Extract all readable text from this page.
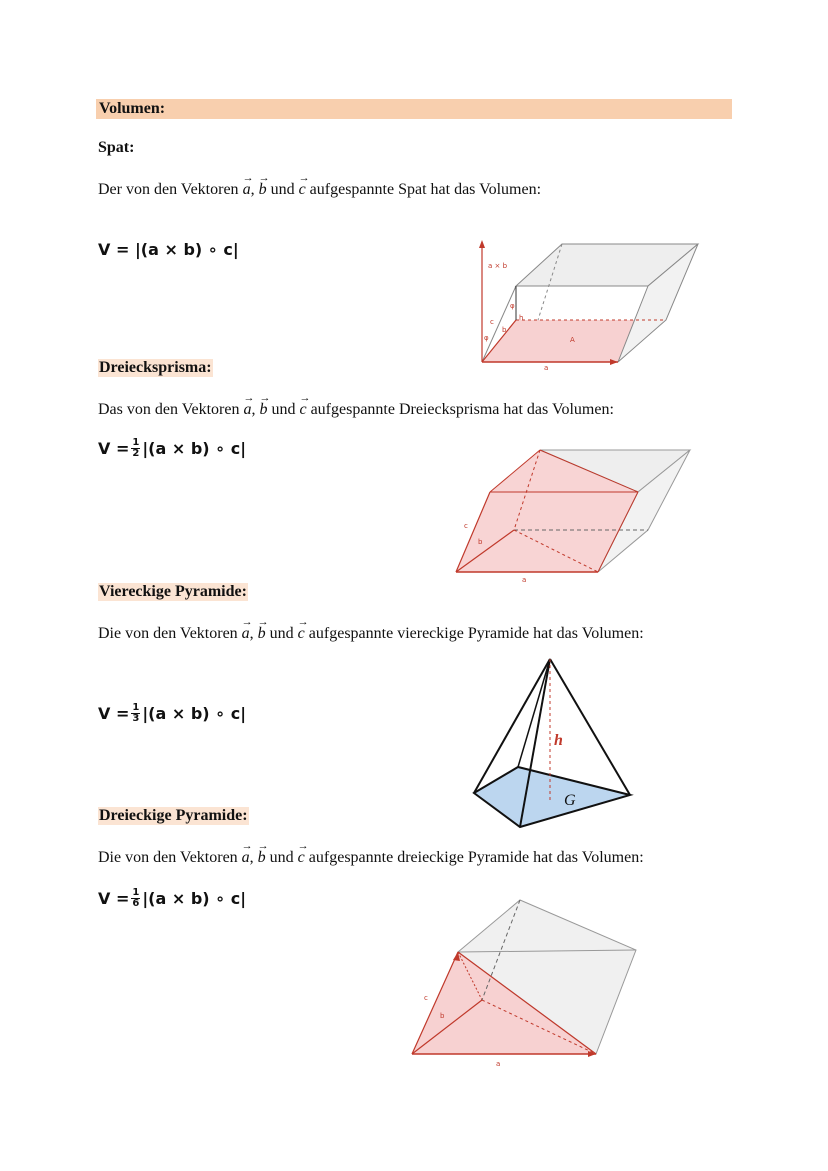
Volumen:
Spat:
Der von den Vektoren → a, → b und → c aufgespannte Spat hat das Volumen:
V =
|(a × b) ∘ c|
a × b
a
b
c	h
A
φ
φ
Dreiecksprisma:
Das von den Vektoren → a, → b und → c aufgespannte Dreiecksprisma hat das Volumen:
$V = \frac{1}{2} |(a \times b)$ ∘ c|
a
b
c
Viereckige Pyramide:
Die von den Vektoren → a, → b und → c aufgespannte viereckige Pyramide hat das Volumen:
$V = \frac{1}{3} |(a \times b)$ ∘ c|
h
G
Dreieckige Pyramide:
Die von den Vektoren → a, → b und → c aufgespannte dreieckige Pyramide hat das Volumen:
$V = \frac{1}{6} |(a \times b)$ ∘ c|
a
b
c
